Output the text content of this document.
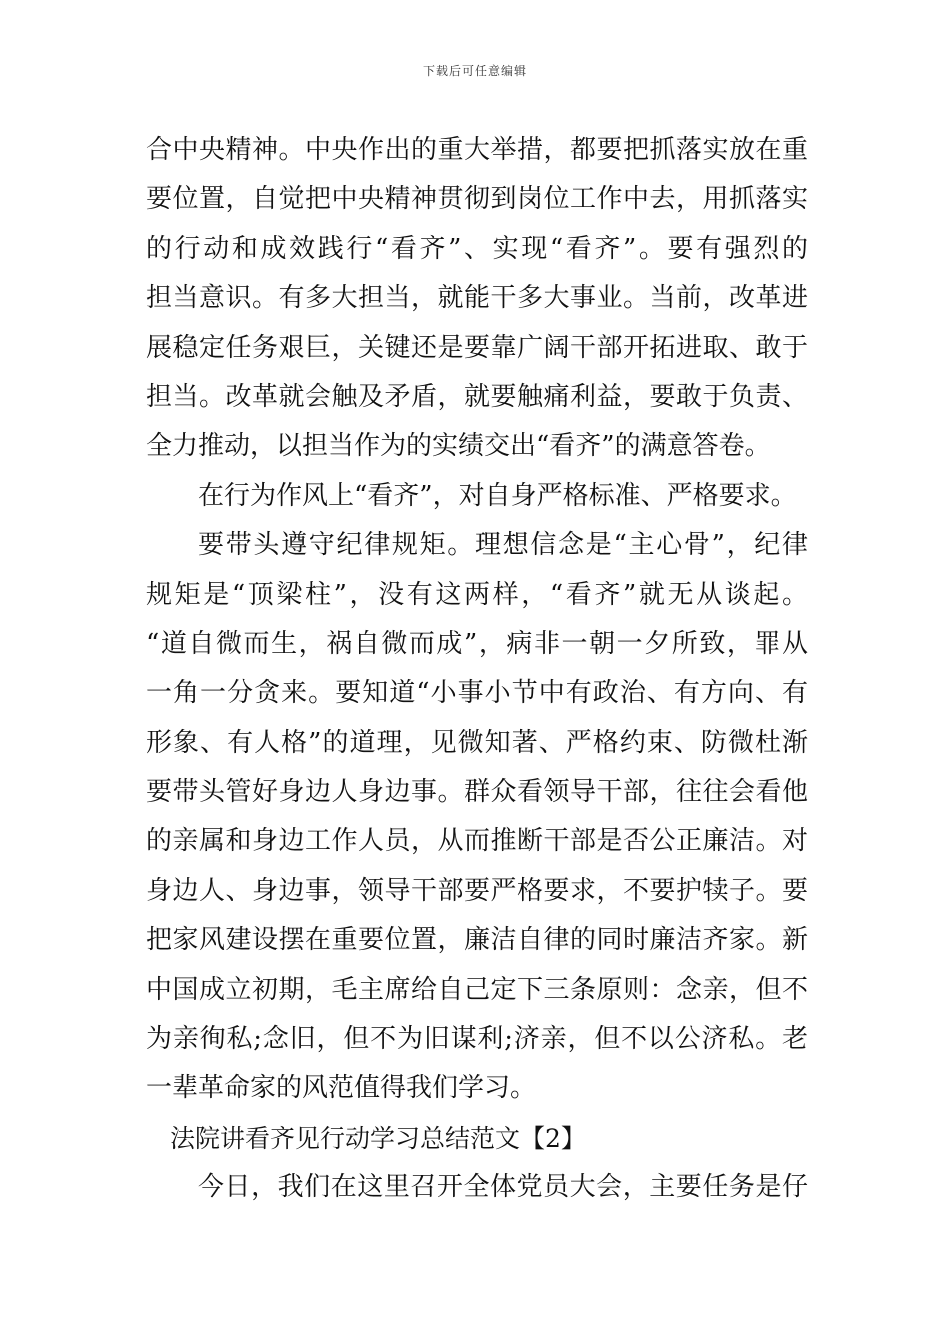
下载后可任意编辑
合中央精神。中央作出的重大举措，都要把抓落实放在重
要位置，自觉把中央精神贯彻到岗位工作中去，用抓落实
的行动和成效践行“看齐”、实现“看齐”。要有强烈的
担当意识。有多大担当，就能干多大事业。当前，改革进
展稳定任务艰巨，关键还是要靠广阔干部开拓进取、敢于
担当。改革就会触及矛盾，就要触痛利益，要敢于负责、
全力推动，以担当作为的实绩交出“看齐”的满意答卷。
在行为作风上“看齐”，对自身严格标准、严格要求。
要带头遵守纪律规矩。理想信念是“主心骨”，纪律
规矩是“顶梁柱”，没有这两样，“看齐”就无从谈起。
“道自微而生，祸自微而成”，病非一朝一夕所致，罪从
一角一分贪来。要知道“小事小节中有政治、有方向、有
形象、有人格”的道理，见微知著、严格约束、防微杜渐
要带头管好身边人身边事。群众看领导干部，往往会看他
的亲属和身边工作人员，从而推断干部是否公正廉洁。对
身边人、身边事，领导干部要严格要求，不要护犊子。要
把家风建设摆在重要位置，廉洁自律的同时廉洁齐家。新
中国成立初期，毛主席给自己定下三条原则：念亲，但不
为亲徇私;念旧，但不为旧谋利;济亲，但不以公济私。老
一辈革命家的风范值得我们学习。
法院讲看齐见行动学习总结范文【2】
今日，我们在这里召开全体党员大会，主要任务是仔
